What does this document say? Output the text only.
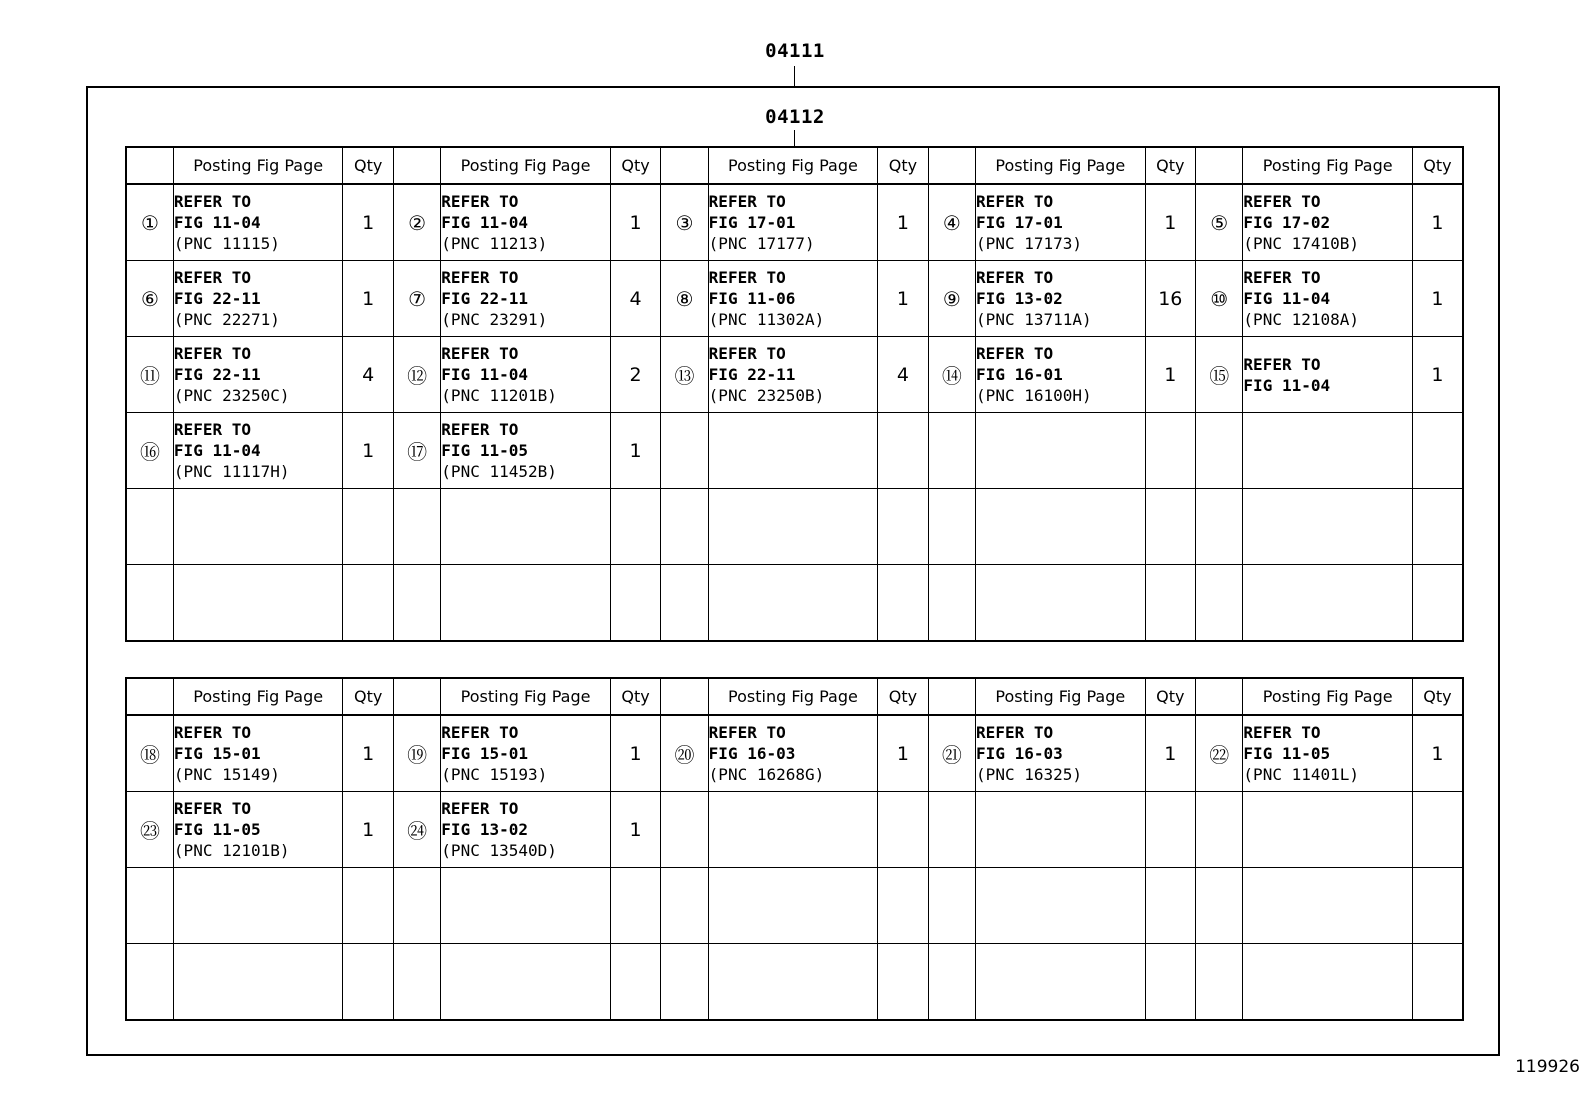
04111
04112
	Posting Fig Page	Qty		Posting Fig Page	Qty		Posting Fig Page	Qty		Posting Fig Page	Qty		Posting Fig Page	Qty
①	REFER TO
FIG 11-04
(PNC 11115)	1	②	REFER TO
FIG 11-04
(PNC 11213)	1	③	REFER TO
FIG 17-01
(PNC 17177)	1	④	REFER TO
FIG 17-01
(PNC 17173)	1	⑤	REFER TO
FIG 17-02
(PNC 17410B)	1
⑥	REFER TO
FIG 22-11
(PNC 22271)	1	⑦	REFER TO
FIG 22-11
(PNC 23291)	4	⑧	REFER TO
FIG 11-06
(PNC 11302A)	1	⑨	REFER TO
FIG 13-02
(PNC 13711A)	16	⑩	REFER TO
FIG 11-04
(PNC 12108A)	1
⑪	REFER TO
FIG 22-11
(PNC 23250C)	4	⑫	REFER TO
FIG 11-04
(PNC 11201B)	2	⑬	REFER TO
FIG 22-11
(PNC 23250B)	4	⑭	REFER TO
FIG 16-01
(PNC 16100H)	1	⑮	REFER TO
FIG 11-04	1
⑯	REFER TO
FIG 11-04
(PNC 11117H)	1	⑰	REFER TO
FIG 11-05
(PNC 11452B)	1		

	Posting Fig Page	Qty		Posting Fig Page	Qty		Posting Fig Page	Qty		Posting Fig Page	Qty		Posting Fig Page	Qty
⑱	REFER TO
FIG 15-01
(PNC 15149)	1	⑲	REFER TO
FIG 15-01
(PNC 15193)	1	⑳	REFER TO
FIG 16-03
(PNC 16268G)	1	㉑	REFER TO
FIG 16-03
(PNC 16325)	1	㉒	REFER TO
FIG 11-05
(PNC 11401L)	1
㉓	REFER TO
FIG 11-05
(PNC 12101B)	1	㉔	REFER TO
FIG 13-02
(PNC 13540D)	1		

119926
